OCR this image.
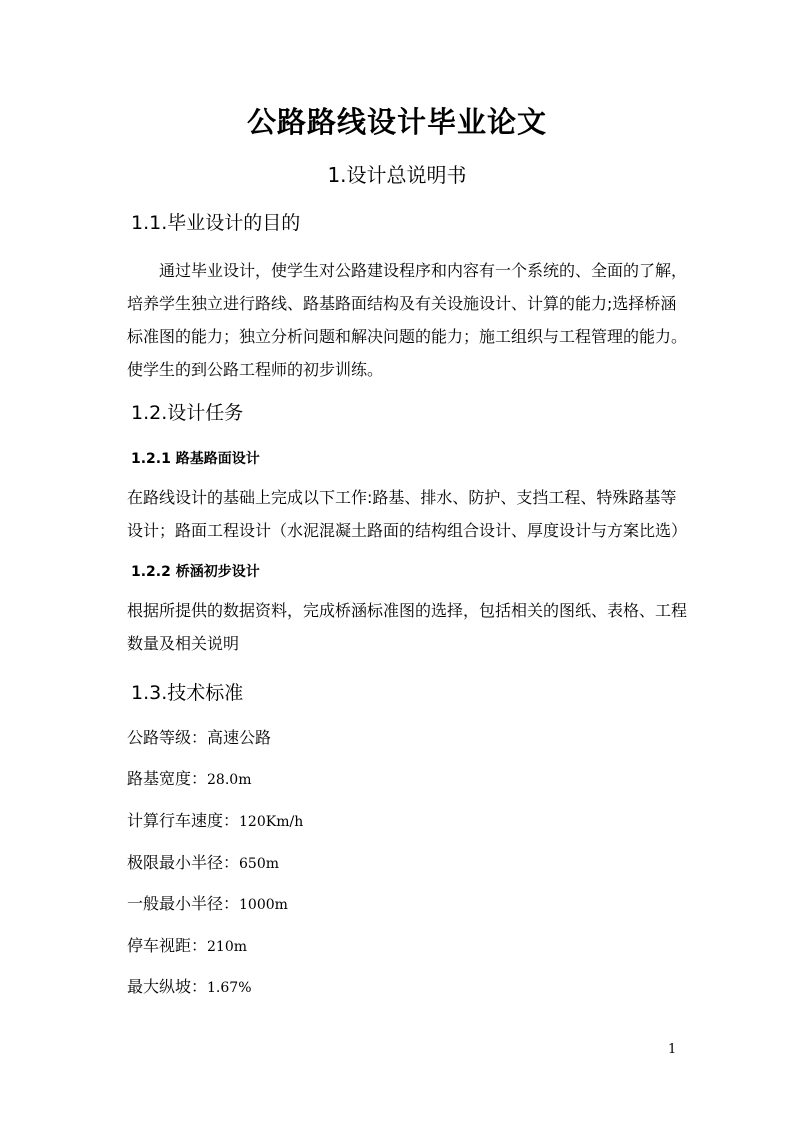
公路路线设计毕业论文
1.设计总说明书
1.1.毕业设计的目的
　　通过毕业设计，使学生对公路建设程序和内容有一个系统的、全面的了解，培养学生独立进行路线、路基路面结构及有关设施设计、计算的能力;选择桥涵标准图的能力；独立分析问题和解决问题的能力；施工组织与工程管理的能力。使学生的到公路工程师的初步训练。
1.2.设计任务
1.2.1 路基路面设计
在路线设计的基础上完成以下工作:路基、排水、防护、支挡工程、特殊路基等设计；路面工程设计（水泥混凝土路面的结构组合设计、厚度设计与方案比选）
1.2.2 桥涵初步设计
根据所提供的数据资料，完成桥涵标准图的选择，包括相关的图纸、表格、工程数量及相关说明
1.3.技术标准
公路等级：高速公路
路基宽度：28.0m
计算行车速度：120Km/h
极限最小半径：650m
一般最小半径：1000m
停车视距：210m
最大纵坡：1.67%
1
